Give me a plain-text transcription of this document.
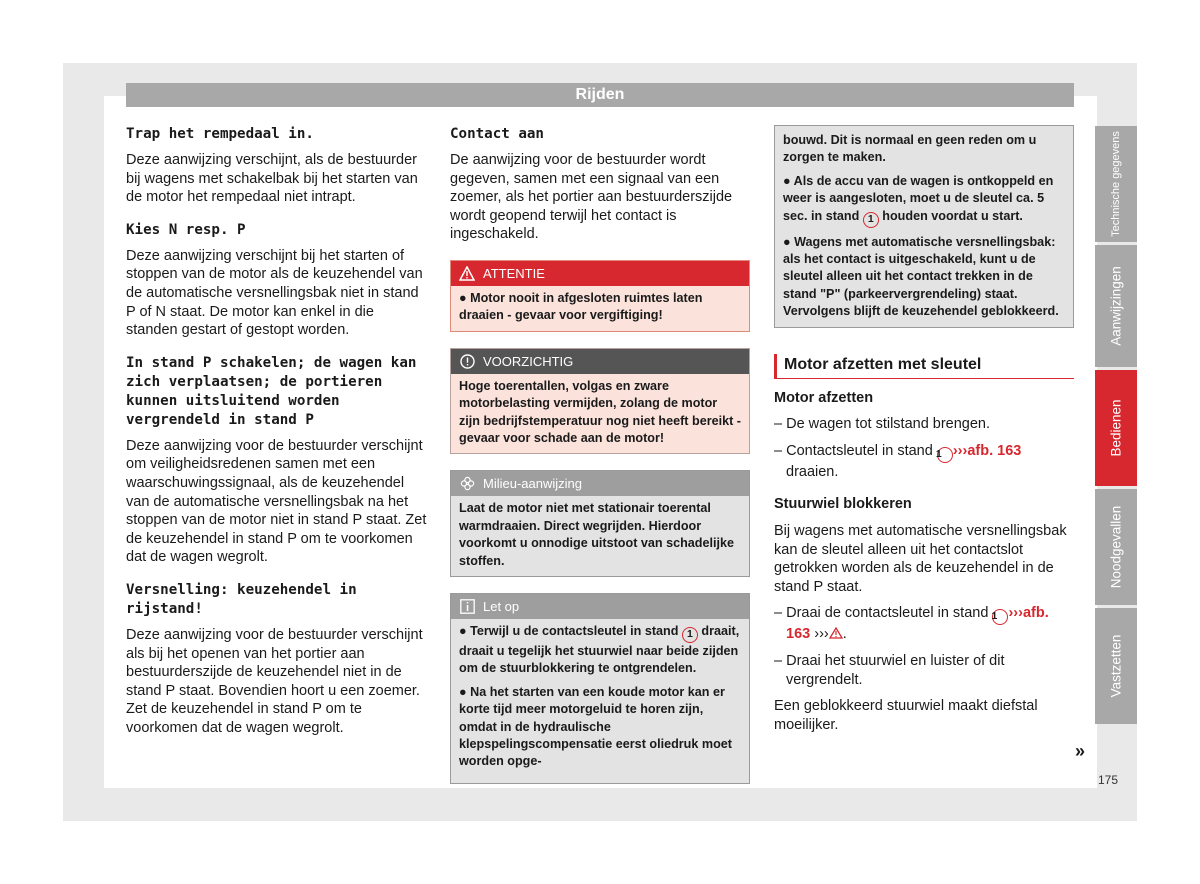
Rijden
Trap het rempedaal in.
Deze aanwijzing verschijnt, als de bestuurder bij wagens met schakelbak bij het starten van de motor het rempedaal niet intrapt.
Kies N resp. P
Deze aanwijzing verschijnt bij het starten of stoppen van de motor als de keuzehendel van de automatische versnellingsbak niet in stand P of N staat. De motor kan enkel in die standen gestart of gestopt worden.
In stand P schakelen; de wagen kan zich verplaatsen; de portieren kunnen uitsluitend worden vergrendeld in stand P
Deze aanwijzing voor de bestuurder verschijnt om veiligheidsredenen samen met een waarschuwingssignaal, als de keuzehendel van de automatische versnellingsbak na het stoppen van de motor niet in stand P staat. Zet de keuzehendel in stand P om te voorkomen dat de wagen wegrolt.
Versnelling: keuzehendel in rijstand!
Deze aanwijzing voor de bestuurder verschijnt als bij het openen van het portier aan bestuurderszijde de keuzehendel niet in de stand P staat. Bovendien hoort u een zoemer. Zet de keuzehendel in stand P om te voorkomen dat de wagen wegrolt.
Contact aan
De aanwijzing voor de bestuurder wordt gegeven, samen met een signaal van een zoemer, als het portier aan bestuurderszijde wordt geopend terwijl het contact is ingeschakeld.
ATTENTIE
● Motor nooit in afgesloten ruimtes laten draaien - gevaar voor vergiftiging!
VOORZICHTIG
Hoge toerentallen, volgas en zware motorbelasting vermijden, zolang de motor zijn bedrijfstemperatuur nog niet heeft bereikt - gevaar voor schade aan de motor!
Milieu-aanwijzing
Laat de motor niet met stationair toerental warmdraaien. Direct wegrijden. Hierdoor voorkomt u onnodige uitstoot van schadelijke stoffen.
Let op
● Terwijl u de contactsleutel in stand 1 draait, draait u tegelijk het stuurwiel naar beide zijden om de stuurblokkering te ontgrendelen.
● Na het starten van een koude motor kan er korte tijd meer motorgeluid te horen zijn, omdat in de hydraulische klepspelingscompensatie eerst oliedruk moet worden opge-
bouwd. Dit is normaal en geen reden om u zorgen te maken.
● Als de accu van de wagen is ontkoppeld en weer is aangesloten, moet u de sleutel ca. 5 sec. in stand 1 houden voordat u start.
● Wagens met automatische versnellingsbak: als het contact is uitgeschakeld, kunt u de sleutel alleen uit het contact trekken in de stand "P" (parkeervergrendeling) staat. Vervolgens blijft de keuzehendel geblokkeerd.
Motor afzetten met sleutel
Motor afzetten
– De wagen tot stilstand brengen.
– Contactsleutel in stand 1 ›››afb. 163 draaien.
Stuurwiel blokkeren
Bij wagens met automatische versnellingsbak kan de sleutel alleen uit het contactslot getrokken worden als de keuzehendel in de stand P staat.
– Draai de contactsleutel in stand 1 ›››afb. 163 ››› .
– Draai het stuurwiel en luister of dit vergrendelt.
Een geblokkeerd stuurwiel maakt diefstal moeilijker.
»
Technische gegevens
Aanwijzingen
Bedienen
Noodgevallen
Vastzetten
175
